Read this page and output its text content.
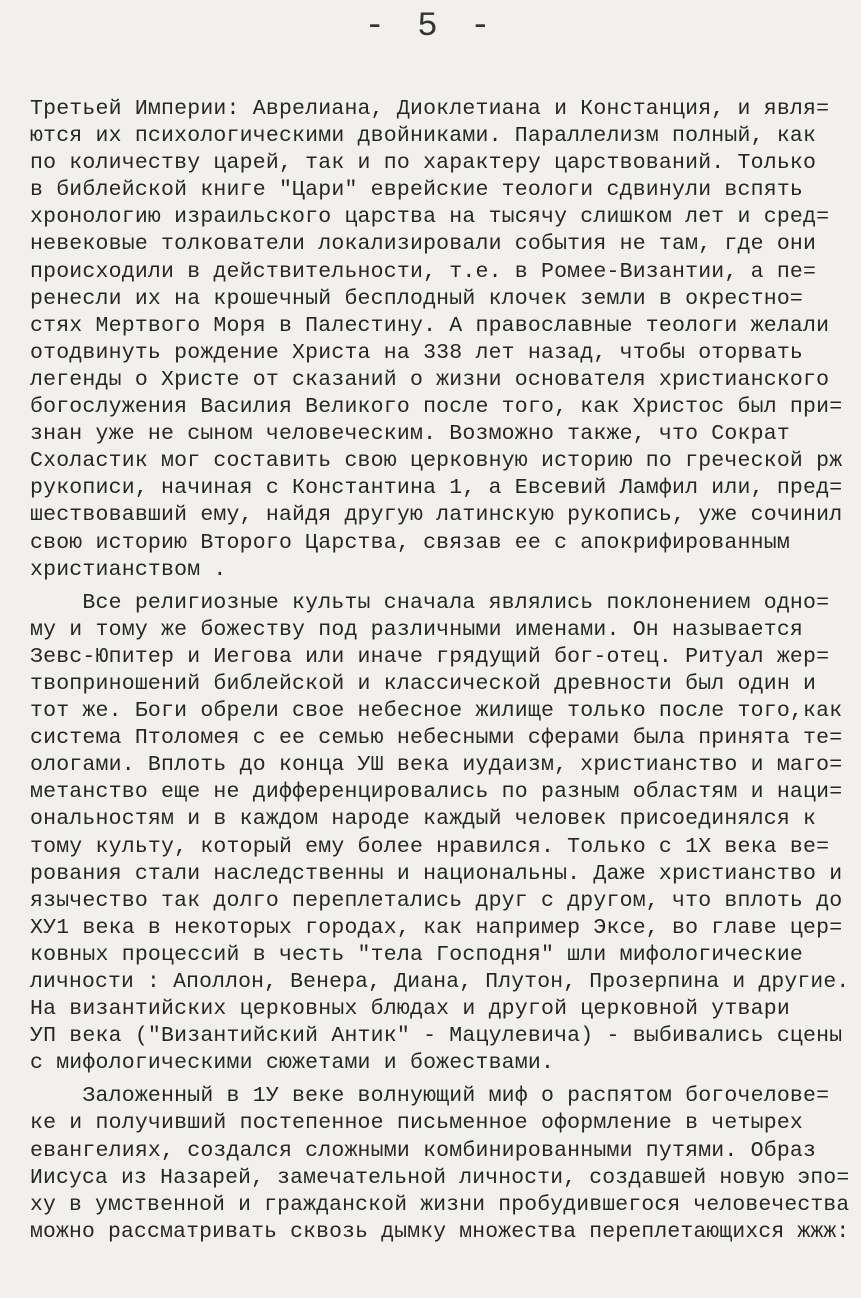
- 5 -
Третьей Империи: Аврелиана, Диоклетиана и Констанция, и явля=
ются их психологическими двойниками. Параллелизм полный, как
по количеству царей, так и по характеру царствований. Только
в библейской книге "Цари" еврейские теологи сдвинули вспять
хронологию израильского царства на тысячу слишком лет и сред=
невековые толкователи локализировали события не там, где они
происходили в действительности, т.е. в Ромее-Византии, а пе=
ренесли их на крошечный бесплодный клочек земли в окрестно=
стях Мертвого Моря в Палестину. А православные теологи желали
отодвинуть рождение Христа на 338 лет назад, чтобы оторвать
легенды о Христе от сказаний о жизни основателя христианского
богослужения Василия Великого после того, как Христос был при=
знан уже не сыном человеческим. Возможно также, что Сократ
Схоластик мог составить свою церковную историю по греческой рж
рукописи, начиная с Константина 1, а Евсевий Ламфил или, пред=
шествовавший ему, найдя другую латинскую рукопись, уже сочинил
свою историю Второго Царства, связав ее с апокрифированным
христианством .
Все религиозные культы сначала являлись поклонением одно=
му и тому же божеству под различными именами. Он называется
Зевс-Юпитер и Иегова или иначе грядущий бог-отец. Ритуал жер=
твоприношений библейской и классической древности был один и
тот же. Боги обрели свое небесное жилище только после того,как
система Птоломея с ее семью небесными сферами была принята те=
ологами. Вплоть до конца УШ века иудаизм, христианство и маго=
метанство еще не дифференцировались по разным областям и наци=
ональностям и в каждом народе каждый человек присоединялся к
тому культу, который ему более нравился. Только с 1Х века ве=
рования стали наследственны и национальны. Даже христианство и
язычество так долго переплетались друг с другом, что вплоть до
ХУ1 века в некоторых городах, как например Эксе, во главе цер=
ковных процессий в честь "тела Господня" шли мифологические
личности : Аполлон, Венера, Диана, Плутон, Прозерпина и другие.
На византийских церковных блюдах и другой церковной утвари
УП века ("Византийский Антик" - Мацулевича) - выбивались сцены
с мифологическими сюжетами и божествами.
Заложенный в 1У веке волнующий миф о распятом богочелове=
ке и получивший постепенное письменное оформление в четырех
евангелиях, создался сложными комбинированными путями. Образ
Иисуса из Назарей, замечательной личности, создавшей новую эпо=
ху в умственной и гражданской жизни пробудившегося человечества
можно рассматривать сквозь дымку множества переплетающихся жжж:
